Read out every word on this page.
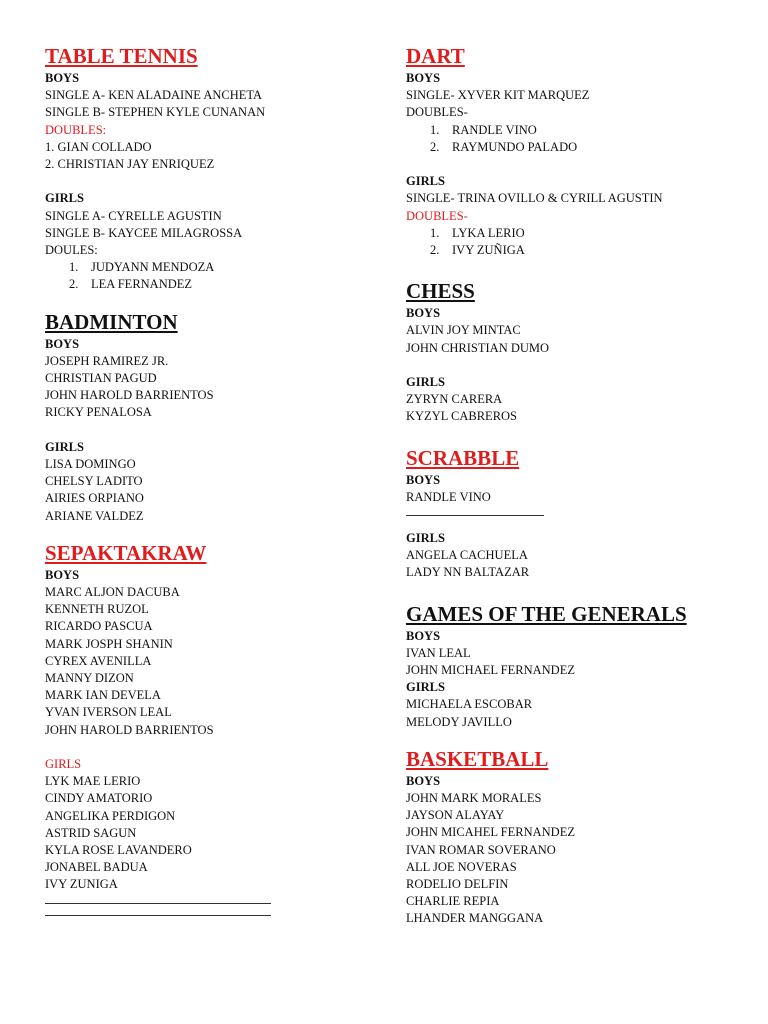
TABLE TENNIS
BOYS
SINGLE A- KEN ALADAINE ANCHETA
SINGLE B- STEPHEN KYLE CUNANAN
DOUBLES:
1. GIAN COLLADO
2. CHRISTIAN JAY ENRIQUEZ
GIRLS
SINGLE A- CYRELLE AGUSTIN
SINGLE B- KAYCEE MILAGROSSA
DOULES:
1. JUDYANN MENDOZA
2. LEA FERNANDEZ
BADMINTON
BOYS
JOSEPH RAMIREZ JR.
CHRISTIAN PAGUD
JOHN HAROLD BARRIENTOS
RICKY PENALOSA
GIRLS
LISA DOMINGO
CHELSY LADITO
AIRIES ORPIANO
ARIANE VALDEZ
SEPAKTAKRAW
BOYS
MARC ALJON DACUBA
KENNETH RUZOL
RICARDO PASCUA
MARK JOSPH SHANIN
CYREX AVENILLA
MANNY DIZON
MARK IAN DEVELA
YVAN IVERSON LEAL
JOHN HAROLD BARRIENTOS
GIRLS
LYK MAE LERIO
CINDY AMATORIO
ANGELIKA PERDIGON
ASTRID SAGUN
KYLA ROSE LAVANDERO
JONABEL BADUA
IVY ZUNIGA
DART
BOYS
SINGLE- XYVER KIT MARQUEZ
DOUBLES-
1. RANDLE VINO
2. RAYMUNDO PALADO
GIRLS
SINGLE- TRINA OVILLO & CYRILL AGUSTIN
DOUBLES-
1. LYKA LERIO
2. IVY ZUÑIGA
CHESS
BOYS
ALVIN JOY MINTAC
JOHN CHRISTIAN DUMO
GIRLS
ZYRYN CARERA
KYZYL CABREROS
SCRABBLE
BOYS
RANDLE VINO
GIRLS
ANGELA CACHUELA
LADY NN BALTAZAR
GAMES OF THE GENERALS
BOYS
IVAN LEAL
JOHN MICHAEL FERNANDEZ
GIRLS
MICHAELA ESCOBAR
MELODY JAVILLO
BASKETBALL
BOYS
JOHN MARK MORALES
JAYSON ALAYAY
JOHN MICAHEL FERNANDEZ
IVAN ROMAR SOVERANO
ALL JOE NOVERAS
RODELIO DELFIN
CHARLIE REPIA
LHANDER MANGGANA
